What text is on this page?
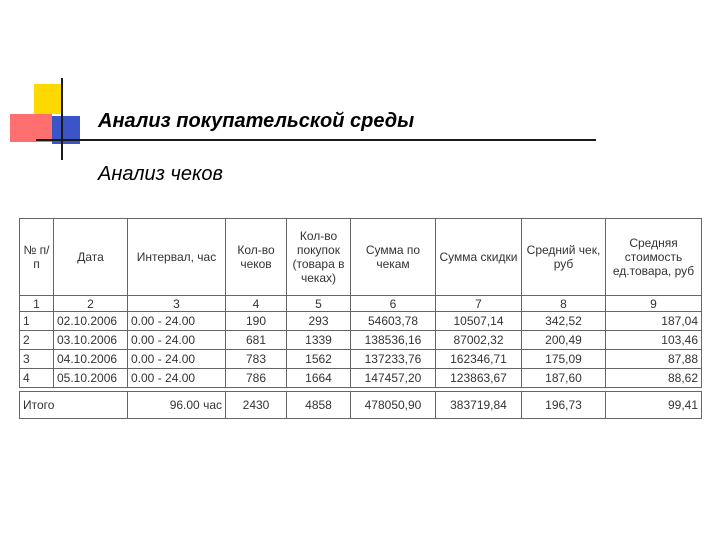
Анализ покупательской среды
Анализ чеков
№ п/п	Дата	Интервал, час	Кол-во чеков	Кол-во покупок (товара в чеках)	Сумма по чекам	Сумма скидки	Средний чек, руб	Средняя стоимость ед.товара, руб
1	2	3	4	5	6	7	8	9
1	02.10.2006	0.00 - 24.00	190	293	54603,78	10507,14	342,52	187,04
2	03.10.2006	0.00 - 24.00	681	1339	138536,16	87002,32	200,49	103,46
3	04.10.2006	0.00 - 24.00	783	1562	137233,76	162346,71	175,09	87,88
4	05.10.2006	0.00 - 24.00	786	1664	147457,20	123863,67	187,60	88,62

Итого		96.00 час	2430	4858	478050,90	383719,84	196,73	99,41
